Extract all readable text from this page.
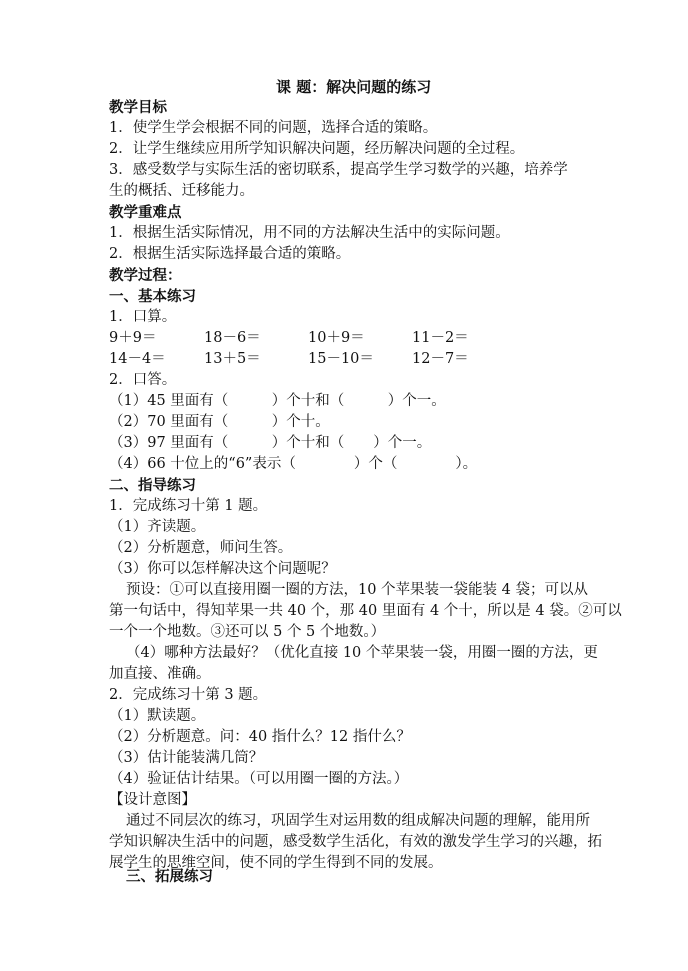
课 题：解决问题的练习
教学目标
1．使学生学会根据不同的问题，选择合适的策略。
2．让学生继续应用所学知识解决问题，经历解决问题的全过程。
3．感受数学与实际生活的密切联系，提高学生学习数学的兴趣，培养学
生的概括、迁移能力。
教学重难点
1．根据生活实际情况，用不同的方法解决生活中的实际问题。
2．根据生活实际选择最合适的策略。
教学过程：
一、基本练习
1．口算。
9＋9＝	18－6＝	10＋9＝	11－2＝
14－4＝	13＋5＝	15－10＝	12－7＝
2．口答。
（1）45 里面有（　　　）个十和（　　　）个一。
（2）70 里面有（　　　）个十。
（3）97 里面有（　　　）个十和（　　）个一。
（4）66 十位上的“6”表示（　　　　）个（　　　　）。
二、指导练习
1．完成练习十第 1 题。
（1）齐读题。
（2）分析题意，师问生答。
（3）你可以怎样解决这个问题呢？
预设：①可以直接用圈一圈的方法，10 个苹果装一袋能装 4 袋；可以从
第一句话中，得知苹果一共 40 个，那 40 里面有 4 个十，所以是 4 袋。②可以
一个一个地数。③还可以 5 个 5 个地数。）
（4）哪种方法最好？（优化直接 10 个苹果装一袋，用圈一圈的方法，更
加直接、准确。
2．完成练习十第 3 题。
（1）默读题。
（2）分析题意。问：40 指什么？12 指什么？
（3）估计能装满几筒？
（4）验证估计结果。（可以用圈一圈的方法。）
【设计意图】
通过不同层次的练习，巩固学生对运用数的组成解决问题的理解，能用所
学知识解决生活中的问题，感受数学生活化，有效的激发学生学习的兴趣，拓
展学生的思维空间，使不同的学生得到不同的发展。
三、拓展练习
